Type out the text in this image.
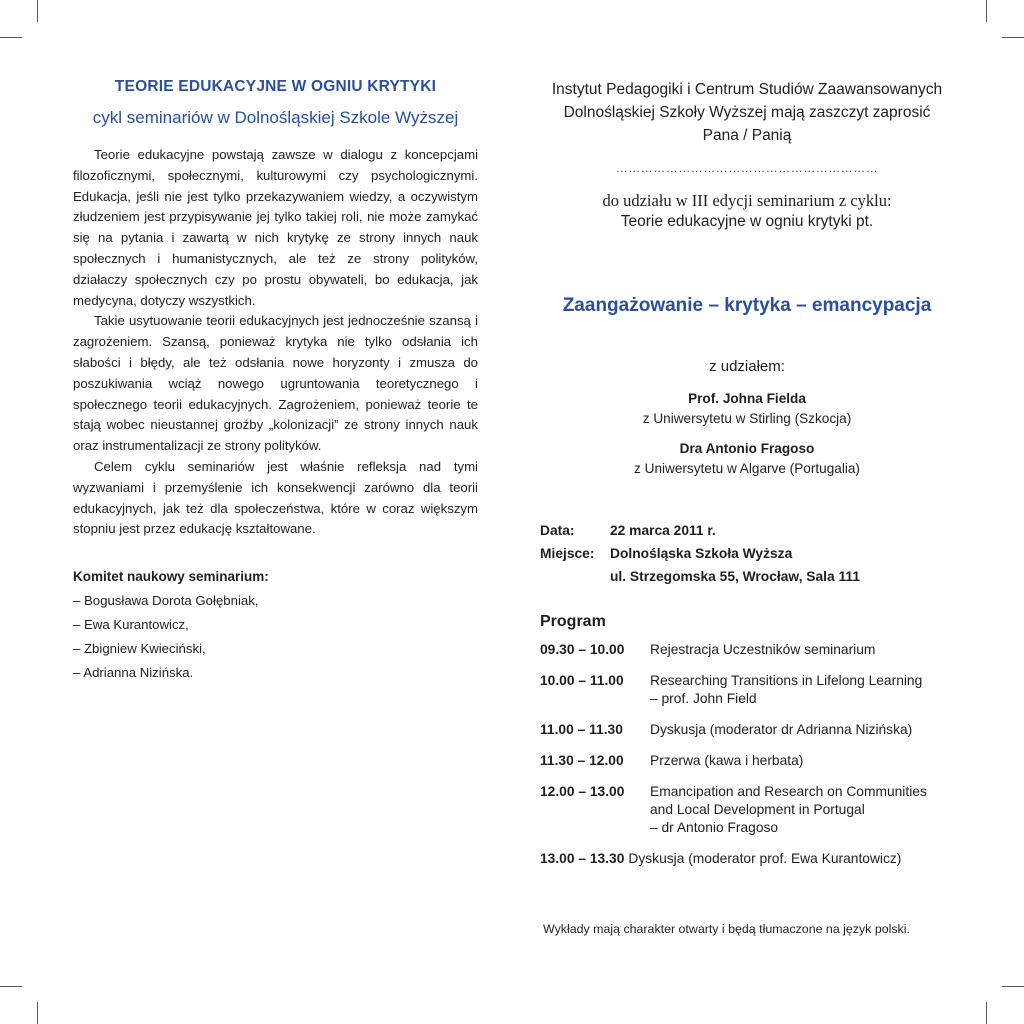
TEORIE EDUKACYJNE W OGNIU KRYTYKI
cykl seminariów w Dolnośląskiej Szkole Wyższej

Teorie edukacyjne powstają zawsze w dialogu z koncepcjami filozoficznymi, społecznymi, kulturowymi czy psychologicznymi. Edukacja, jeśli nie jest tylko przekazywaniem wiedzy, a oczywistym złudzeniem jest przypisywanie jej tylko takiej roli, nie może zamykać się na pytania i zawartą w nich krytykę ze strony innych nauk społecznych i humanistycznych, ale też ze strony polityków, działaczy społecznych czy po prostu obywateli, bo edukacja, jak medycyna, dotyczy wszystkich.

Takie usytuowanie teorii edukacyjnych jest jednocześnie szansą i zagrożeniem. Szansą, ponieważ krytyka nie tylko odsłania ich słabości i błędy, ale też odsłania nowe horyzonty i zmusza do poszukiwania wciąż nowego ugruntowania teoretycznego i społecznego teorii edukacyjnych. Zagrożeniem, ponieważ teorie te stają wobec nieustannej groźby „kolonizacji” ze strony innych nauk oraz instrumentalizacji ze strony polityków.

Celem cyklu seminariów jest właśnie refleksja nad tymi wyzwaniami i przemyślenie ich konsekwencji zarówno dla teorii edukacyjnych, jak też dla społeczeństwa, które w coraz większym stopniu jest przez edukację kształtowane.

Komitet naukowy seminarium:
– Bogusława Dorota Gołębniak,
– Ewa Kurantowicz,
– Zbigniew Kwieciński,
– Adrianna Nizińska.
Instytut Pedagogiki i Centrum Studiów Zaawansowanych
Dolnośląskiej Szkoły Wyższej mają zaszczyt zaprosić
Pana / Panią
………………………………………………………
do udziału w III edycji seminarium z cyklu:
Teorie edukacyjne w ogniu krytyki pt.
Zaangażowanie – krytyka – emancypacja
z udziałem:
Prof. Johna Fielda
z Uniwersytetu w Stirling (Szkocja)
Dra Antonio Fragoso
z Uniwersytetu w Algarve (Portugalia)
Data:	22 marca 2011 r.
Miejsce:	Dolnośląska Szkoła Wyższa
ul. Strzegomska 55, Wrocław, Sala 111
Program
09.30 – 10.00	Rejestracja Uczestników seminarium
10.00 – 11.00	Researching Transitions in Lifelong Learning
– prof. John Field
11.00 – 11.30	Dyskusja (moderator dr Adrianna Nizińska)
11.30 – 12.00	Przerwa (kawa i herbata)
12.00 – 13.00	Emancipation and Research on Communities
and Local Development in Portugal
– dr Antonio Fragoso
13.00 – 13.30 Dyskusja (moderator prof. Ewa Kurantowicz)
Wykłady mają charakter otwarty i będą tłumaczone na język polski.
